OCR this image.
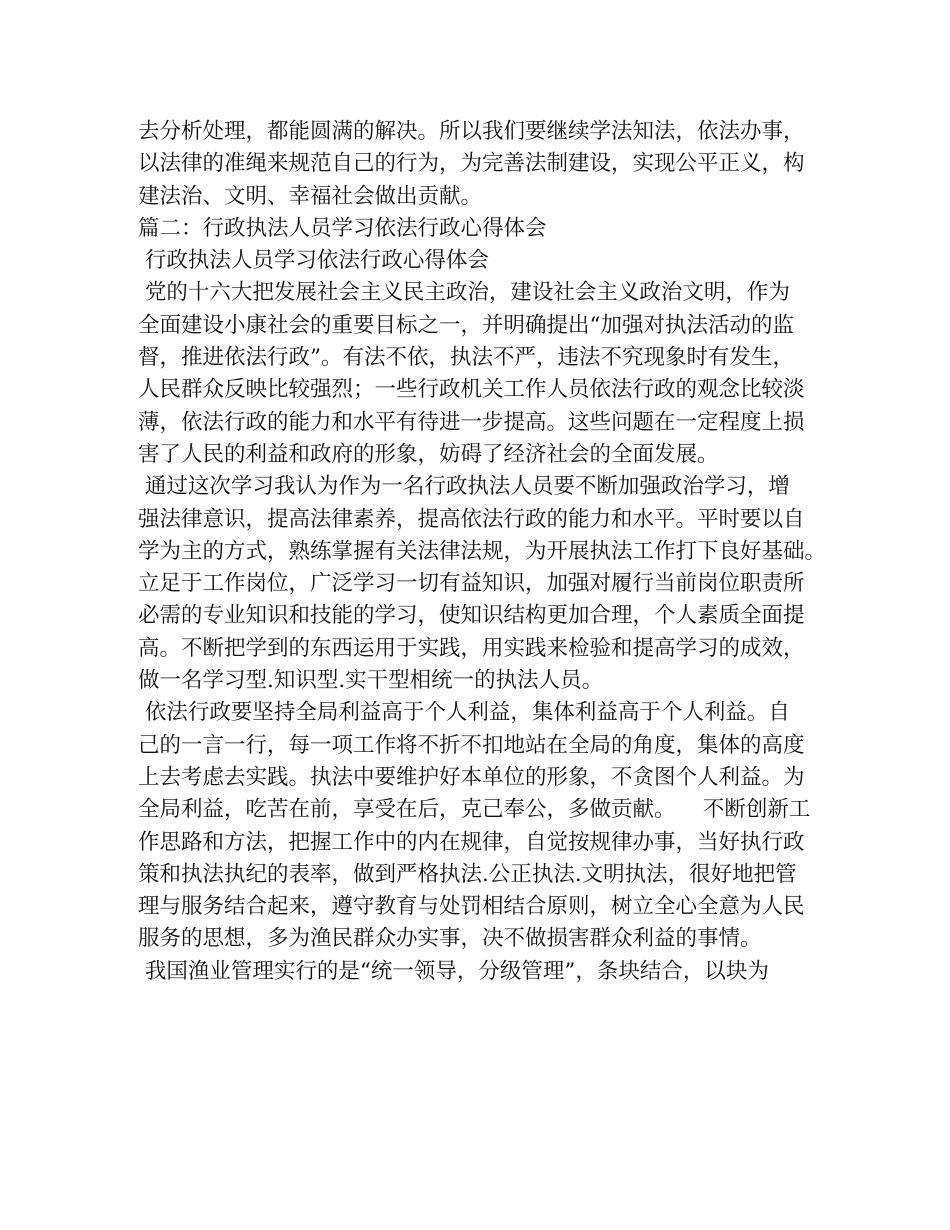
去分析处理，都能圆满的解决。所以我们要继续学法知法，依法办事，
以法律的准绳来规范自己的行为，为完善法制建设，实现公平正义，构
建法治、文明、幸福社会做出贡献。
篇二：行政执法人员学习依法行政心得体会
行政执法人员学习依法行政心得体会
党的十六大把发展社会主义民主政治，建设社会主义政治文明，作为
全面建设小康社会的重要目标之一，并明确提出“加强对执法活动的监
督，推进依法行政”。有法不依，执法不严，违法不究现象时有发生，
人民群众反映比较强烈；一些行政机关工作人员依法行政的观念比较淡
薄，依法行政的能力和水平有待进一步提高。这些问题在一定程度上损
害了人民的利益和政府的形象，妨碍了经济社会的全面发展。
通过这次学习我认为作为一名行政执法人员要不断加强政治学习，增
强法律意识，提高法律素养，提高依法行政的能力和水平。平时要以自
学为主的方式，熟练掌握有关法律法规，为开展执法工作打下良好基础。
立足于工作岗位，广泛学习一切有益知识，加强对履行当前岗位职责所
必需的专业知识和技能的学习，使知识结构更加合理，个人素质全面提
高。不断把学到的东西运用于实践，用实践来检验和提高学习的成效，
做一名学习型.知识型.实干型相统一的执法人员。
依法行政要坚持全局利益高于个人利益，集体利益高于个人利益。自
己的一言一行，每一项工作将不折不扣地站在全局的角度，集体的高度
上去考虑去实践。执法中要维护好本单位的形象，不贪图个人利益。为
全局利益，吃苦在前，享受在后，克己奉公，多做贡献。    不断创新工
作思路和方法，把握工作中的内在规律，自觉按规律办事，当好执行政
策和执法执纪的表率，做到严格执法.公正执法.文明执法，很好地把管
理与服务结合起来，遵守教育与处罚相结合原则，树立全心全意为人民
服务的思想，多为渔民群众办实事，决不做损害群众利益的事情。
我国渔业管理实行的是“统一领导，分级管理”，条块结合，以块为
